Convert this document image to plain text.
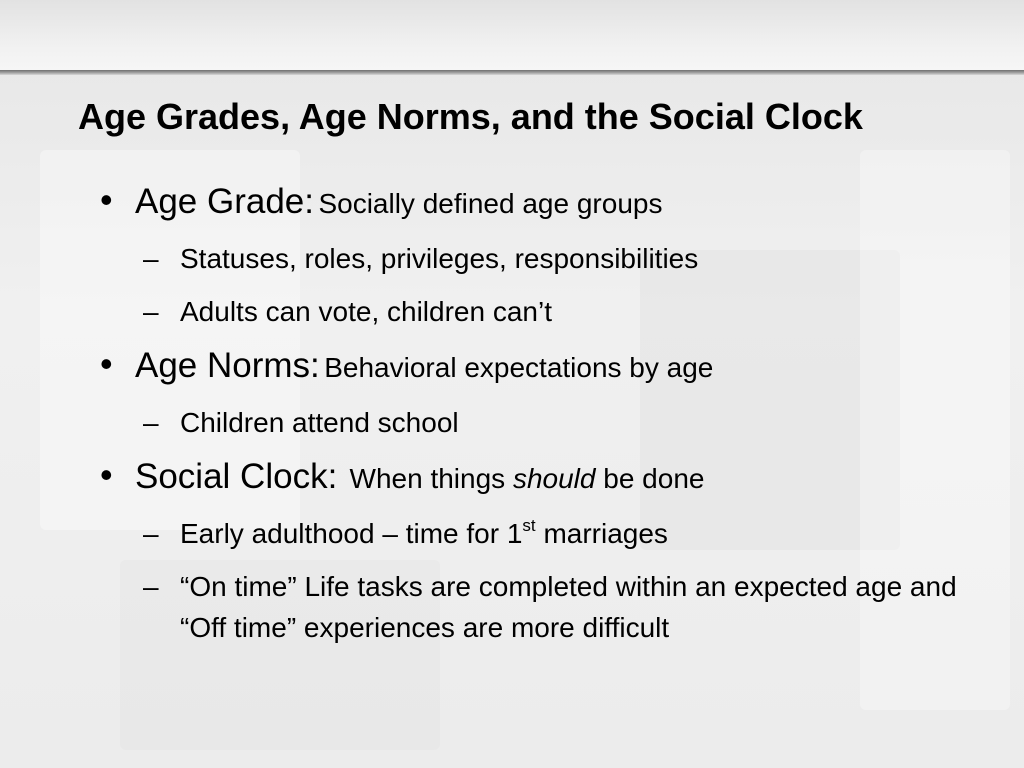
Age Grades, Age Norms, and the Social Clock
• Age Grade: Socially defined age groups
– Statuses, roles, privileges, responsibilities
– Adults can vote, children can’t
• Age Norms: Behavioral expectations by age
– Children attend school
• Social Clock: When things should be done
– Early adulthood – time for 1st marriages
– “On time” Life tasks are completed within an expected age and “Off time” experiences are more difficult
